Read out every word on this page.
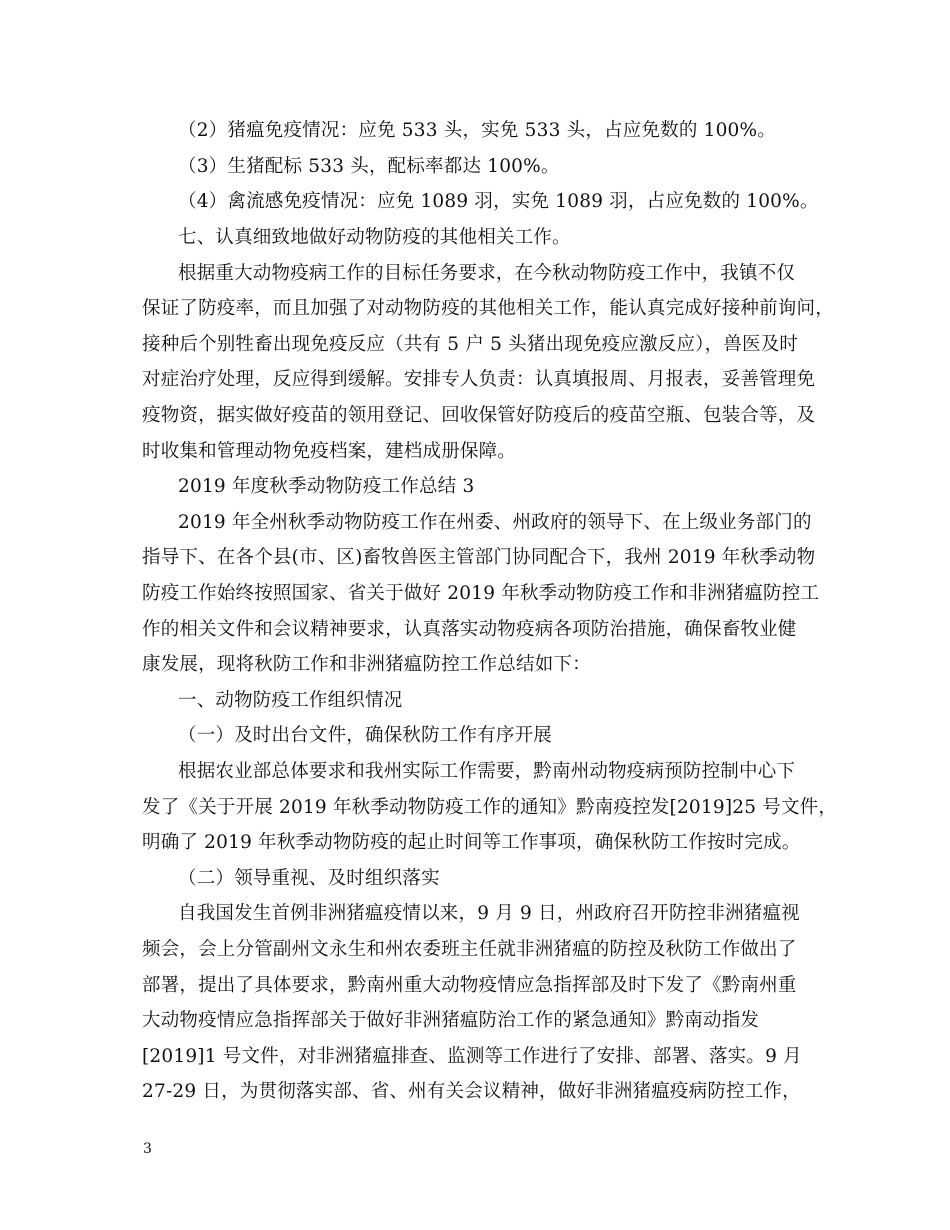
（2）猪瘟免疫情况：应免 533 头，实免 533 头，占应免数的 100%。
（3）生猪配标 533 头，配标率都达 100%。
（4）禽流感免疫情况：应免 1089 羽，实免 1089 羽，占应免数的 100%。
七、认真细致地做好动物防疫的其他相关工作。
根据重大动物疫病工作的目标任务要求，在今秋动物防疫工作中，我镇不仅
保证了防疫率，而且加强了对动物防疫的其他相关工作，能认真完成好接种前询问，
接种后个别牲畜出现免疫反应（共有 5 户 5 头猪出现免疫应激反应），兽医及时
对症治疗处理，反应得到缓解。安排专人负责：认真填报周、月报表，妥善管理免
疫物资，据实做好疫苗的领用登记、回收保管好防疫后的疫苗空瓶、包装合等，及
时收集和管理动物免疫档案，建档成册保障。
2019 年度秋季动物防疫工作总结 3
2019 年全州秋季动物防疫工作在州委、州政府的领导下、在上级业务部门的
指导下、在各个县(市、区)畜牧兽医主管部门协同配合下，我州 2019 年秋季动物
防疫工作始终按照国家、省关于做好 2019 年秋季动物防疫工作和非洲猪瘟防控工
作的相关文件和会议精神要求，认真落实动物疫病各项防治措施，确保畜牧业健
康发展，现将秋防工作和非洲猪瘟防控工作总结如下：
一、动物防疫工作组织情况
（一）及时出台文件，确保秋防工作有序开展
根据农业部总体要求和我州实际工作需要，黔南州动物疫病预防控制中心下
发了《关于开展 2019 年秋季动物防疫工作的通知》黔南疫控发[2019]25 号文件，
明确了 2019 年秋季动物防疫的起止时间等工作事项，确保秋防工作按时完成。
（二）领导重视、及时组织落实
自我国发生首例非洲猪瘟疫情以来，9 月 9 日，州政府召开防控非洲猪瘟视
频会，会上分管副州文永生和州农委班主任就非洲猪瘟的防控及秋防工作做出了
部署，提出了具体要求，黔南州重大动物疫情应急指挥部及时下发了《黔南州重
大动物疫情应急指挥部关于做好非洲猪瘟防治工作的紧急通知》黔南动指发
[2019]1 号文件，对非洲猪瘟排查、监测等工作进行了安排、部署、落实。9 月
27-29 日，为贯彻落实部、省、州有关会议精神，做好非洲猪瘟疫病防控工作，
3
